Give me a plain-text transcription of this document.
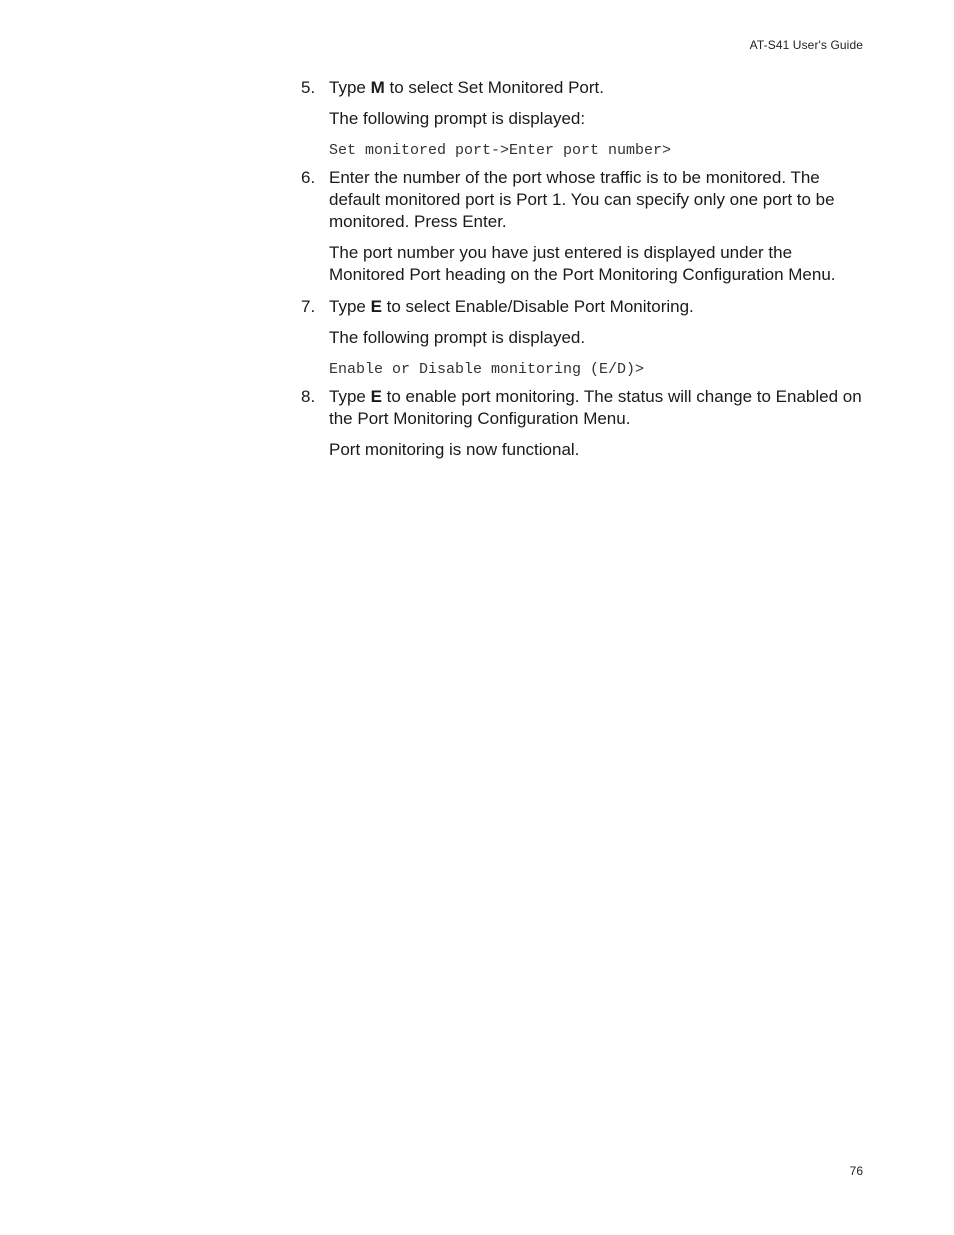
AT-S41 User's Guide

5. Type M to select Set Monitored Port.

The following prompt is displayed:

Set monitored port->Enter port number>

6. Enter the number of the port whose traffic is to be monitored. The default monitored port is Port 1. You can specify only one port to be monitored. Press Enter.

The port number you have just entered is displayed under the Monitored Port heading on the Port Monitoring Configuration Menu.

7. Type E to select Enable/Disable Port Monitoring.

The following prompt is displayed.

Enable or Disable monitoring (E/D)>

8. Type E to enable port monitoring. The status will change to Enabled on the Port Monitoring Configuration Menu.

Port monitoring is now functional.

76
